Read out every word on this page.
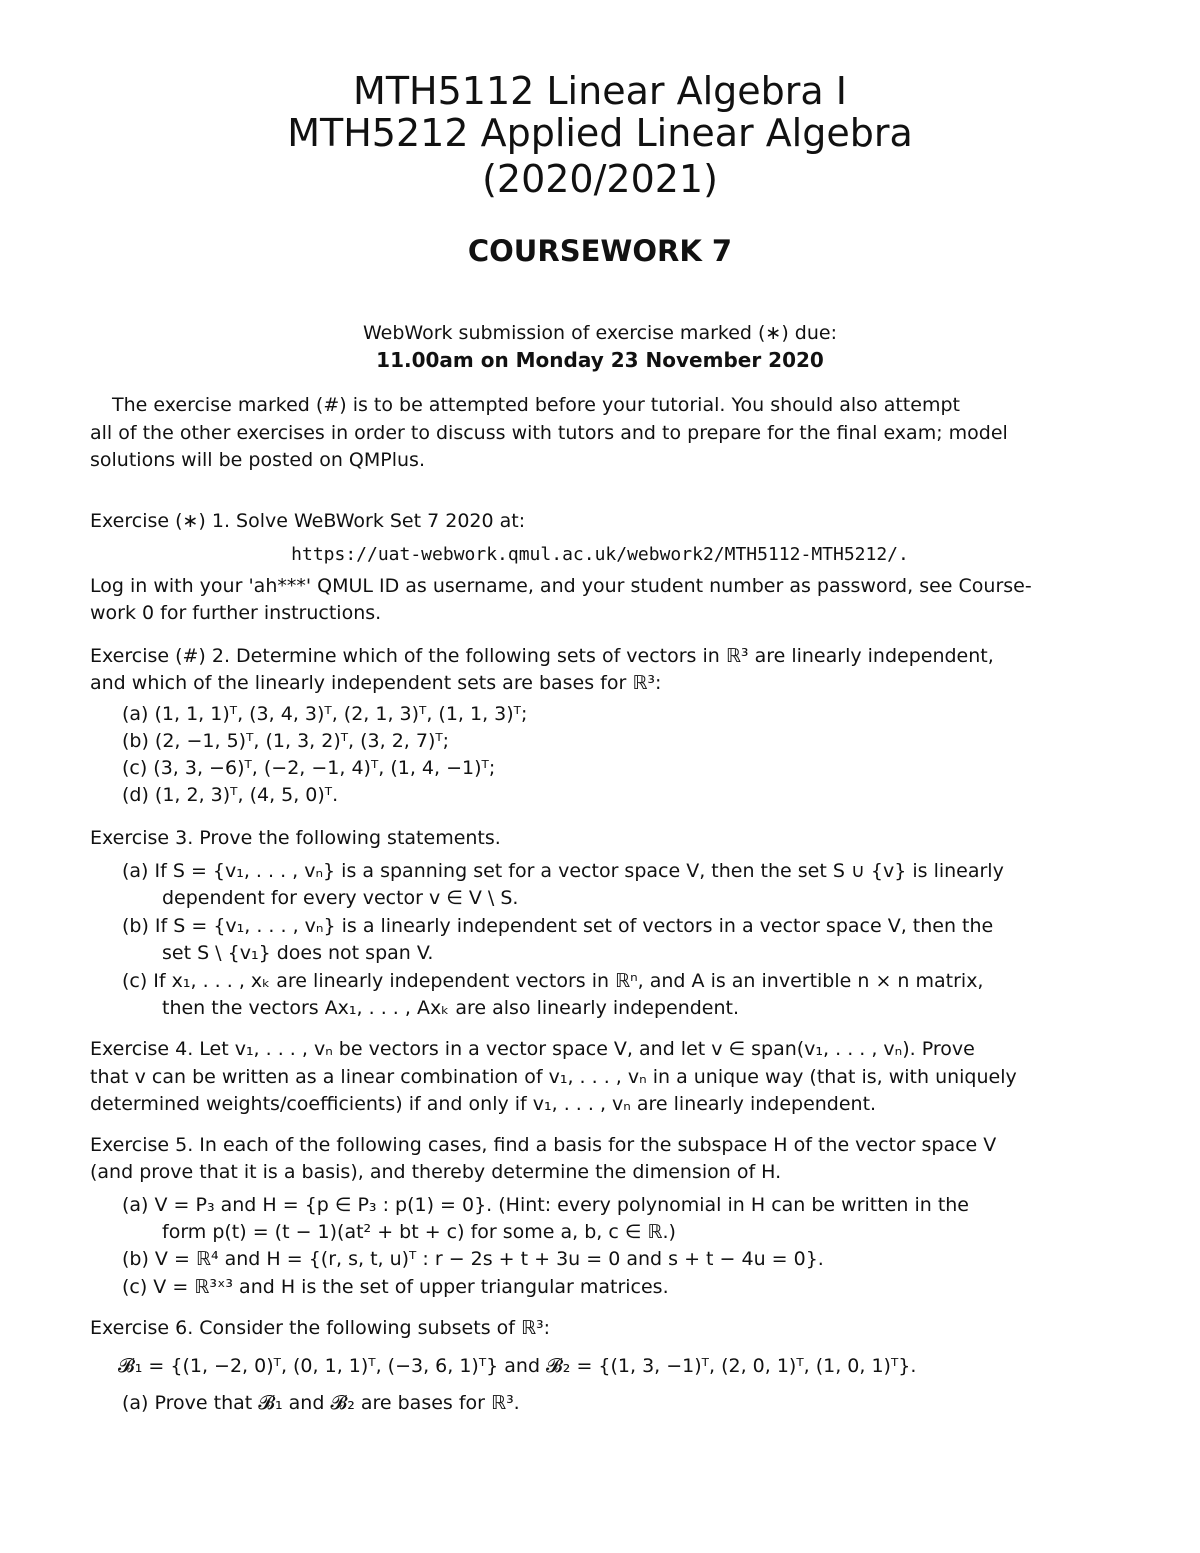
MTH5112 Linear Algebra I
MTH5212 Applied Linear Algebra
(2020/2021)
COURSEWORK 7
WebWork submission of exercise marked (∗) due:
11.00am on Monday 23 November 2020
The exercise marked (#) is to be attempted before your tutorial. You should also attempt
all of the other exercises in order to discuss with tutors and to prepare for the final exam; model
solutions will be posted on QMPlus.
Exercise (∗) 1. Solve WeBWork Set 7 2020 at:
https://uat-webwork.qmul.ac.uk/webwork2/MTH5112-MTH5212/.
Log in with your 'ah***' QMUL ID as username, and your student number as password, see Course-
work 0 for further instructions.
Exercise (#) 2. Determine which of the following sets of vectors in ℝ³ are linearly independent,
and which of the linearly independent sets are bases for ℝ³:
(a) (1, 1, 1)ᵀ, (3, 4, 3)ᵀ, (2, 1, 3)ᵀ, (1, 1, 3)ᵀ;
(b) (2, −1, 5)ᵀ, (1, 3, 2)ᵀ, (3, 2, 7)ᵀ;
(c) (3, 3, −6)ᵀ, (−2, −1, 4)ᵀ, (1, 4, −1)ᵀ;
(d) (1, 2, 3)ᵀ, (4, 5, 0)ᵀ.
Exercise 3. Prove the following statements.
(a) If S = {v₁, . . . , vₙ} is a spanning set for a vector space V, then the set S ∪ {v} is linearly
dependent for every vector v ∈ V \ S.
(b) If S = {v₁, . . . , vₙ} is a linearly independent set of vectors in a vector space V, then the
set S \ {v₁} does not span V.
(c) If x₁, . . . , xₖ are linearly independent vectors in ℝⁿ, and A is an invertible n × n matrix,
then the vectors Ax₁, . . . , Axₖ are also linearly independent.
Exercise 4. Let v₁, . . . , vₙ be vectors in a vector space V, and let v ∈ span(v₁, . . . , vₙ). Prove
that v can be written as a linear combination of v₁, . . . , vₙ in a unique way (that is, with uniquely
determined weights/coefficients) if and only if v₁, . . . , vₙ are linearly independent.
Exercise 5. In each of the following cases, find a basis for the subspace H of the vector space V
(and prove that it is a basis), and thereby determine the dimension of H.
(a) V = P₃ and H = {p ∈ P₃ : p(1) = 0}. (Hint: every polynomial in H can be written in the
form p(t) = (t − 1)(at² + bt + c) for some a, b, c ∈ ℝ.)
(b) V = ℝ⁴ and H = {(r, s, t, u)ᵀ : r − 2s + t + 3u = 0 and s + t − 4u = 0}.
(c) V = ℝ³ˣ³ and H is the set of upper triangular matrices.
Exercise 6. Consider the following subsets of ℝ³:
𝓑₁ = {(1, −2, 0)ᵀ, (0, 1, 1)ᵀ, (−3, 6, 1)ᵀ} and 𝓑₂ = {(1, 3, −1)ᵀ, (2, 0, 1)ᵀ, (1, 0, 1)ᵀ}.
(a) Prove that 𝓑₁ and 𝓑₂ are bases for ℝ³.
